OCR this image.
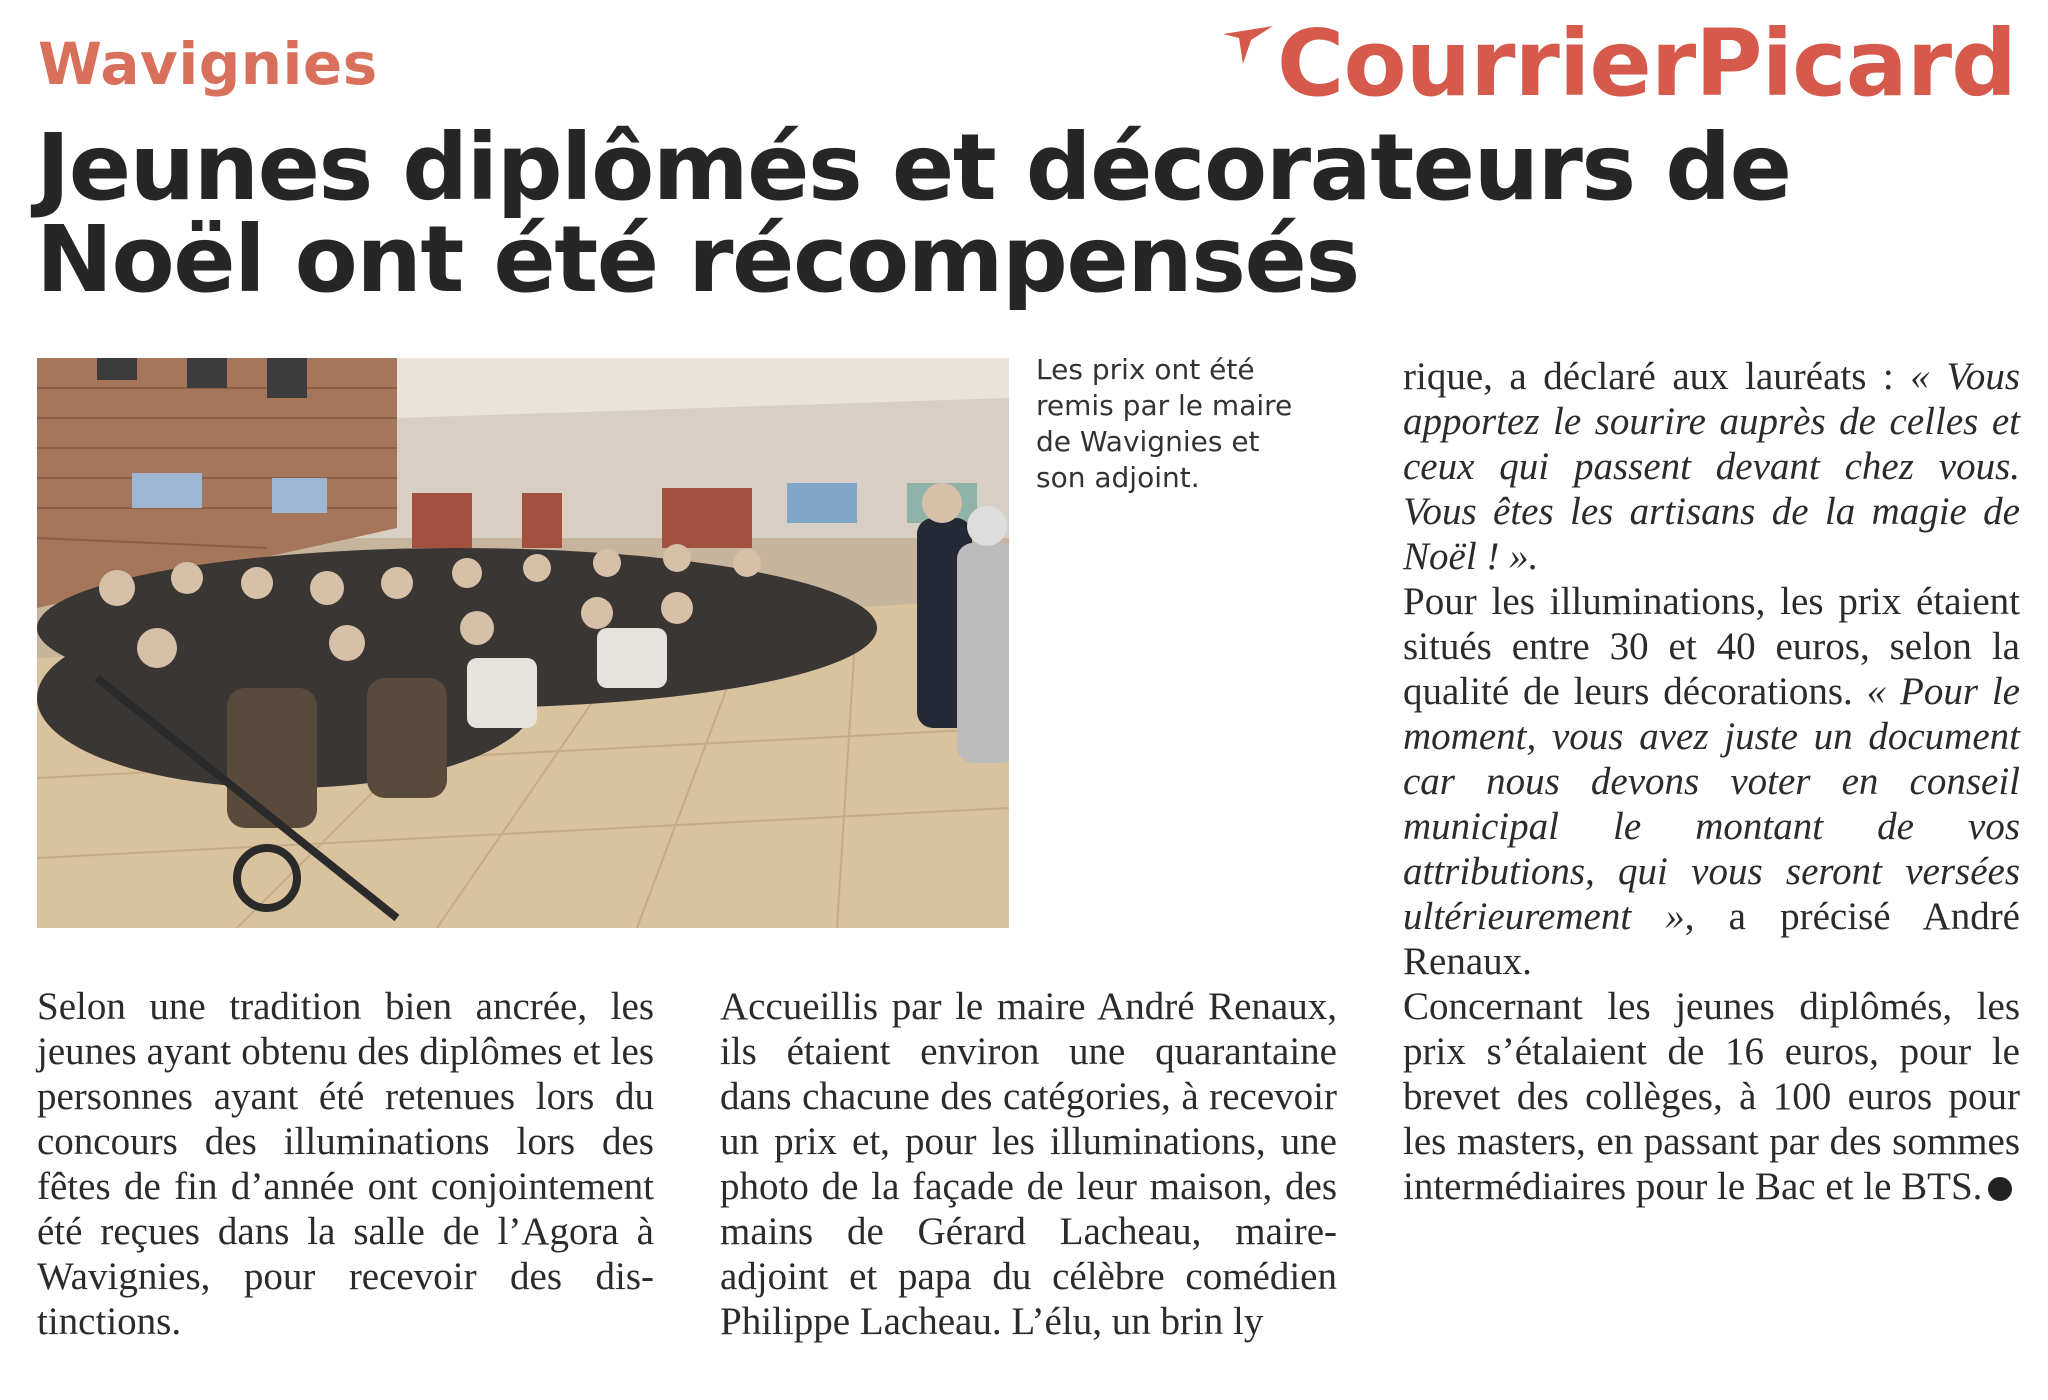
Wavignies	CourrierPicard
Jeunes diplômés et décorateurs de Noël ont été récompensés
Les prix ont été remis par le maire de Wavignies et son adjoint.

Selon une tradition bien ancrée, les jeunes ayant obtenu des diplômes et les personnes ayant été retenues lors du concours des illuminations lors des fêtes de fin d’année ont conjointement été reçues dans la salle de l’Agora à Wavignies, pour recevoir des distinctions.

Accueillis par le maire André Renaux, ils étaient environ une quarantaine dans chacune des catégories, à recevoir un prix et, pour les illuminations, une photo de la façade de leur maison, des mains de Gérard Lacheau, maire-adjoint et papa du célèbre comédien Philippe Lacheau. L’élu, un brin ly

rique, a déclaré aux lauréats : « Vous apportez le sourire auprès de celles et ceux qui passent devant chez vous. Vous êtes les artisans de la magie de Noël ! ».

Pour les illuminations, les prix étaient situés entre 30 et 40 euros, selon la qualité de leurs décorations. « Pour le moment, vous avez juste un document car nous devons voter en conseil municipal le montant de vos attributions, qui vous seront versées ultérieurement », a précisé André Renaux.

Concernant les jeunes diplômés, les prix s’étalaient de 16 euros, pour le brevet des collèges, à 100 euros pour les masters, en passant par des sommes intermédiaires pour le Bac et le BTS.
